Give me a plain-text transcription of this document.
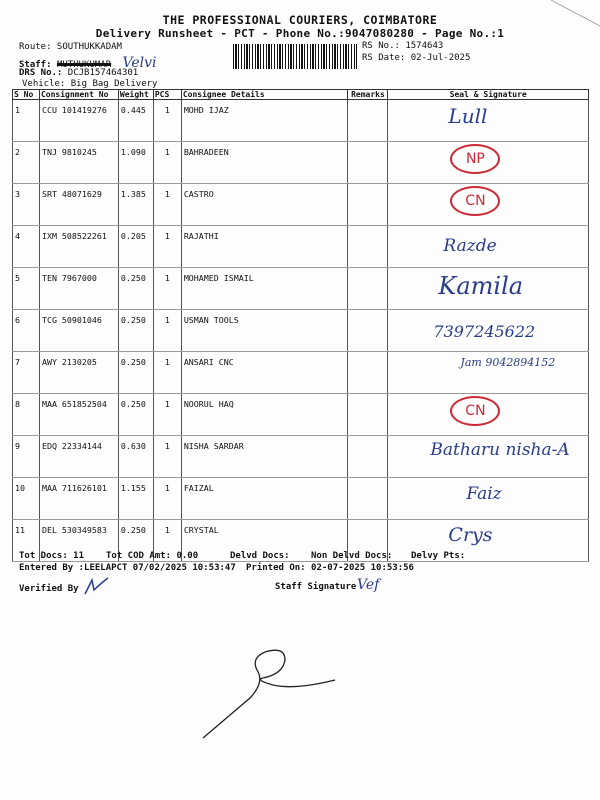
THE PROFESSIONAL COURIERS, COIMBATORE
Delivery Runsheet - PCT - Phone No.:9047080280 - Page No.:1
Route: SOUTHUKKADAM
Staff: MUTHUKUMAR Velvi
DRS No.: DCJB157464301
Vehicle: Big Bag Delivery
RS No.: 1574643
RS Date: 02-Jul-2025
S No	Consignment No	Weight	PCS	Consignee Details	Remarks	Seal & Signature
1	CCU 101419276	0.445	1	MOHD IJAZ		Lull

2	TNJ 9810245	1.090	1	BAHRADEEN		NP

3	SRT 48071629	1.385	1	CASTRO		CN

4	IXM 508522261	0.205	1	RAJATHI		Razde

5	TEN 7967000	0.250	1	MOHAMED ISMAIL		Kamila

6	TCG 50901046	0.250	1	USMAN TOOLS		7397245622

7	AWY 2130205	0.250	1	ANSARI CNC		Jam 9042894152

8	MAA 651852504	0.250	1	NOORUL HAQ		CN

9	EDQ 22334144	0.630	1	NISHA SARDAR		Batharu nisha-A

10	MAA 711626101	1.155	1	FAIZAL		Faiz

11	DEL 530349583	0.250	1	CRYSTAL		Crys
Tot Docs: 11 Tot COD Amt: 0.00	Delvd Docs: Non Delvd Docs: Delvy Pts:
Entered By :LEELAPCT 07/02/2025 10:53:47 Printed On: 02-07-2025 10:53:56
Verified By	Staff Signature Vef
